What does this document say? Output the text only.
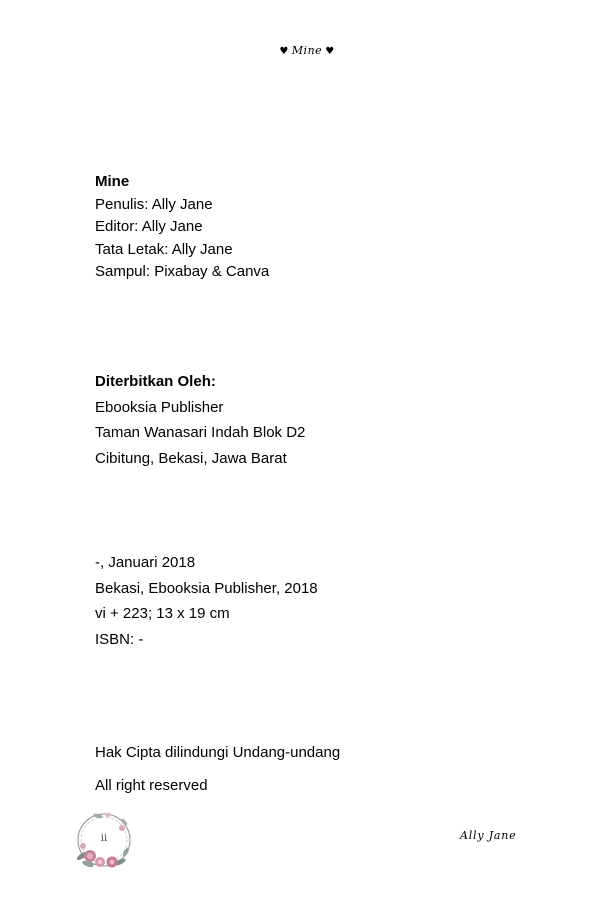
♥ Mine ♥
Mine
Penulis: Ally Jane
Editor: Ally Jane
Tata Letak: Ally Jane
Sampul: Pixabay & Canva
Diterbitkan Oleh:
Ebooksia Publisher
Taman Wanasari Indah Blok D2
Cibitung, Bekasi, Jawa Barat
-, Januari 2018
Bekasi, Ebooksia Publisher, 2018
vi + 223; 13 x 19 cm
ISBN: -
Hak Cipta dilindungi Undang-undang
All right reserved
ii	Ally Jane
